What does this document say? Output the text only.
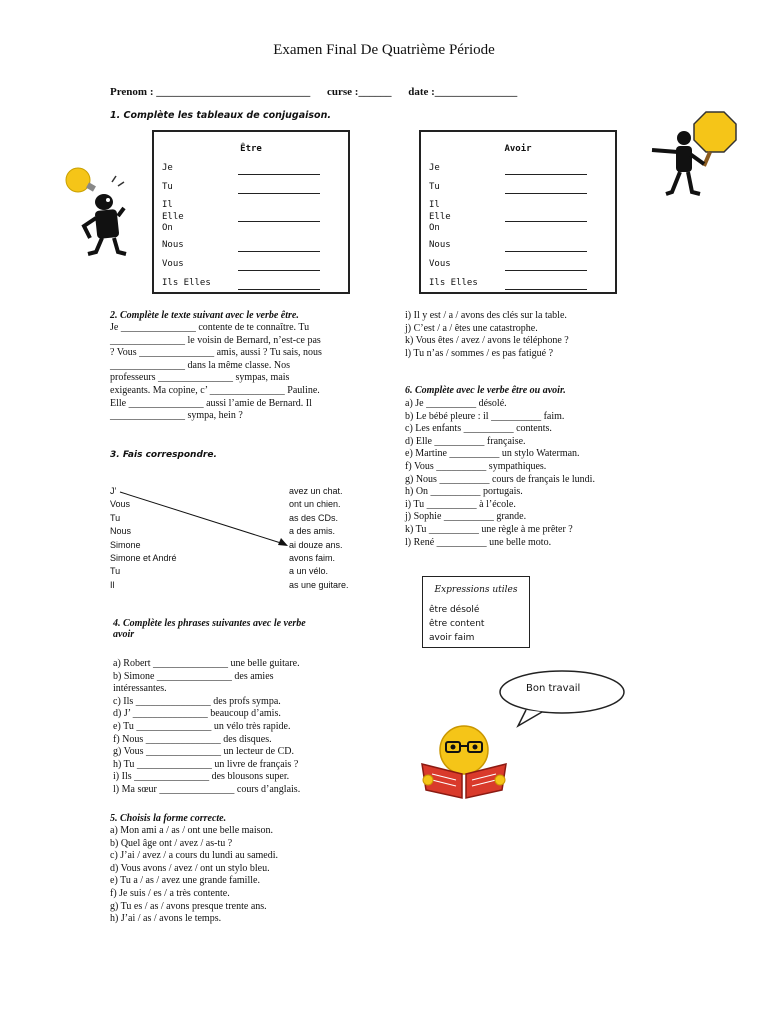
Examen Final De Quatrième Période
Prenom : ____________________________ curse :______ date :_______________
1. Complète les tableaux de conjugaison.
Être
Je
Tu
Il
Elle
On
Nous
Vous
Ils Elles
Avoir
Je
Tu
Il
Elle
On
Nous
Vous
Ils Elles
2. Complète le texte suivant avec le verbe être.
Je _______________ contente de te connaître. Tu
_______________ le voisin de Bernard, n’est-ce pas
? Vous _______________ amis, aussi ? Tu sais, nous
_______________ dans la même classe. Nos
professeurs _______________ sympas, mais
exigeants. Ma copine, c’ _______________ Pauline.
Elle _______________ aussi l’amie de Bernard. Il
_______________ sympa, hein ?
3. Fais correspondre.
J’
Vous
Tu
Nous
Simone
Simone et André
Tu
Il
avez un chat.
ont un chien.
as des CDs.
a des amis.
ai douze ans.
avons faim.
a un vélo.
as une guitare.
4. Complète les phrases suivantes avec le verbe
avoir
a) Robert _______________ une belle guitare.
b) Simone _______________ des amies
intéressantes.
c) Ils _______________ des profs sympa.
d) J’ _______________ beaucoup d’amis.
e) Tu _______________ un vélo très rapide.
f) Nous _______________ des disques.
g) Vous _______________ un lecteur de CD.
h) Tu _______________ un livre de français ?
i) Ils _______________ des blousons super.
l) Ma sœur _______________ cours d’anglais.
5. Choisis la forme correcte.
a) Mon ami a / as / ont une belle maison.
b) Quel âge ont / avez / as-tu ?
c) J’ai / avez / a cours du lundi au samedi.
d) Vous avons / avez / ont un stylo bleu.
e) Tu a / as / avez une grande famille.
f) Je suis / es / a très contente.
g) Tu es / as / avons presque trente ans.
h) J’ai / as / avons le temps.
i) Il y est / a / avons des clés sur la table.
j) C’est / a / êtes une catastrophe.
k) Vous êtes / avez / avons le téléphone ?
l) Tu n’as / sommes / es pas fatigué ?
6. Complète avec le verbe être ou avoir.
a) Je __________ désolé.
b) Le bébé pleure : il __________ faim.
c) Les enfants __________ contents.
d) Elle __________ française.
e) Martine __________ un stylo Waterman.
f) Vous __________ sympathiques.
g) Nous __________ cours de français le lundi.
h) On __________ portugais.
i) Tu __________ à l’école.
j) Sophie __________ grande.
k) Tu __________ une règle à me prêter ?
l) René __________ une belle moto.
Expressions utiles
être désolé
être content
avoir faim
Bon travail
